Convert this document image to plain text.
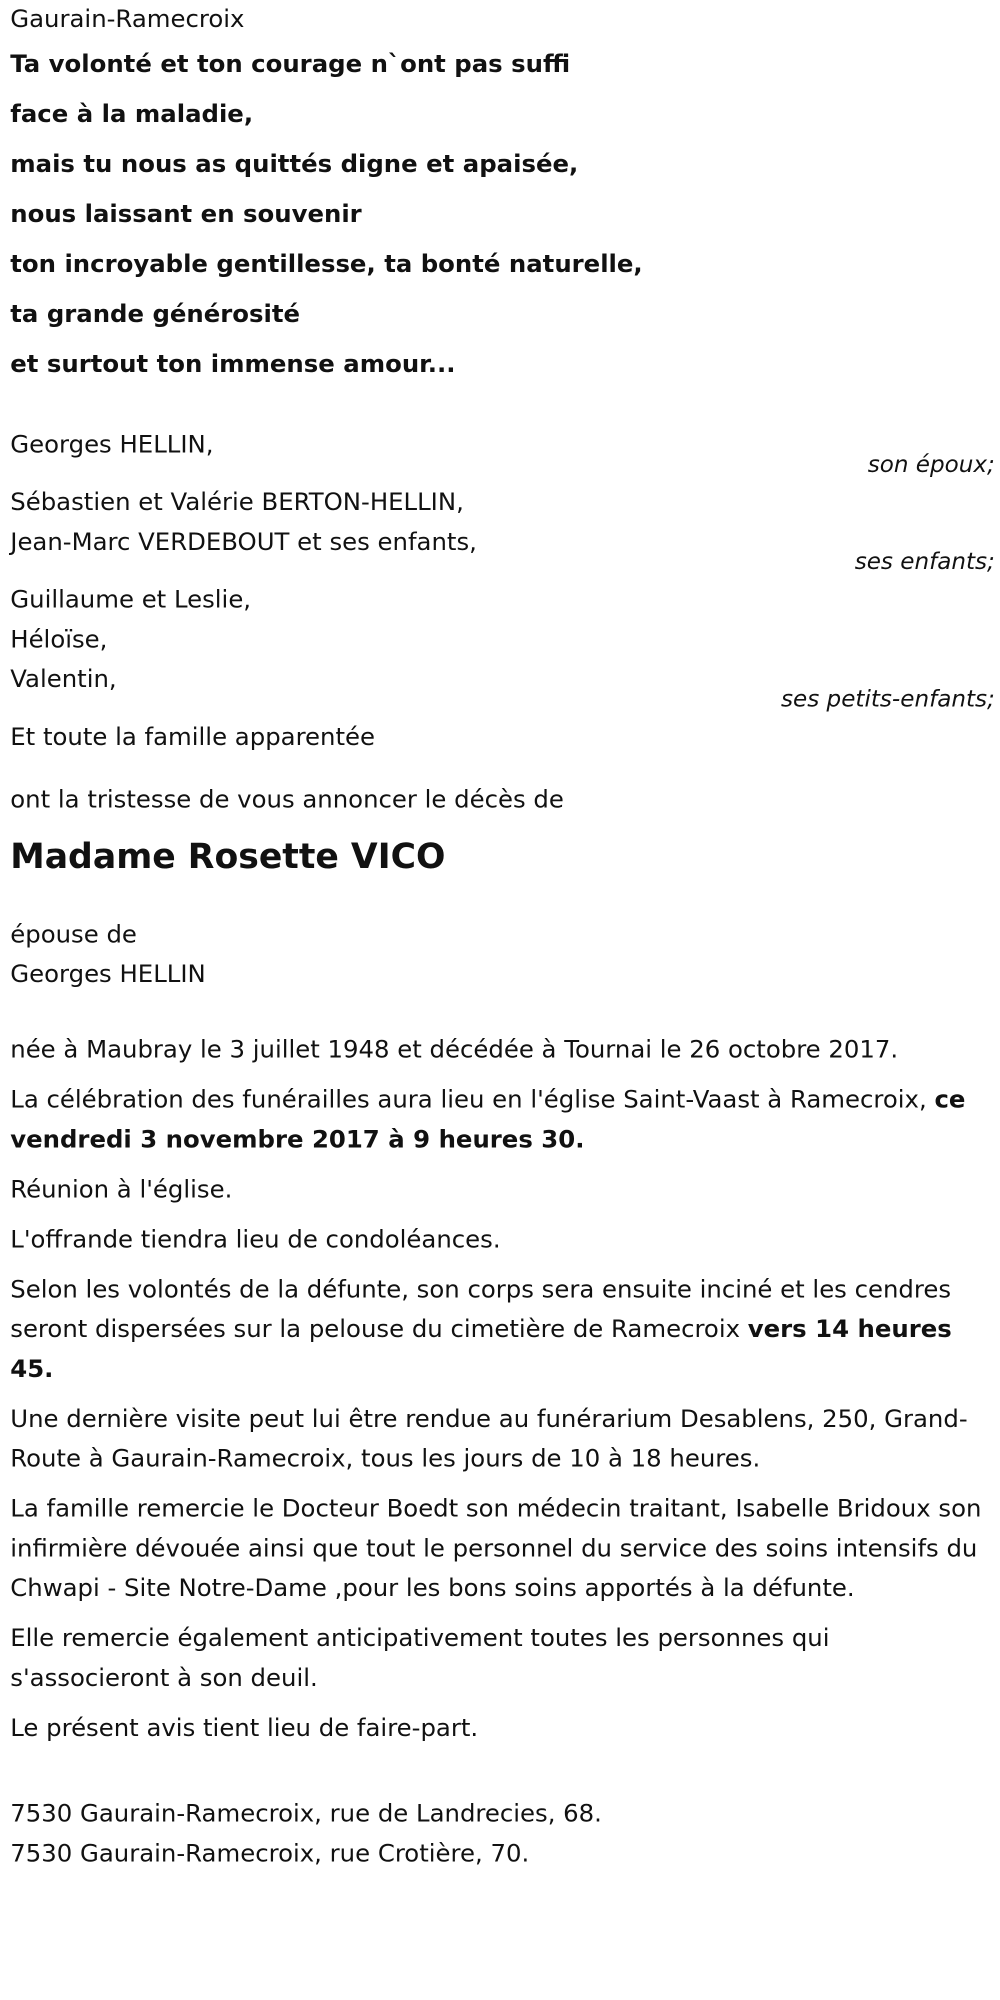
Gaurain-Ramecroix
Ta volonté et ton courage n`ont pas suffi
face à la maladie,
mais tu nous as quittés digne et apaisée,
nous laissant en souvenir
ton incroyable gentillesse, ta bonté naturelle,
ta grande générosité
et surtout ton immense amour...
Georges HELLIN,
son époux;
Sébastien et Valérie BERTON-HELLIN,
Jean-Marc VERDEBOUT et ses enfants,
ses enfants;
Guillaume et Leslie,
Héloïse,
Valentin,
ses petits-enfants;
Et toute la famille apparentée
ont la tristesse de vous annoncer le décès de
Madame Rosette VICO
épouse de
Georges HELLIN

née à Maubray le 3 juillet 1948 et décédée à Tournai le 26 octobre 2017.

La célébration des funérailles aura lieu en l'église Saint-Vaast à Ramecroix, ce vendredi 3 novembre 2017 à 9 heures 30.

Réunion à l'église.

L'offrande tiendra lieu de condoléances.

Selon les volontés de la défunte, son corps sera ensuite inciné et les cendres seront dispersées sur la pelouse du cimetière de Ramecroix vers 14 heures 45.

Une dernière visite peut lui être rendue au funérarium Desablens, 250, Grand-Route à Gaurain-Ramecroix, tous les jours de 10 à 18 heures.

La famille remercie le Docteur Boedt son médecin traitant, Isabelle Bridoux son infirmière dévouée ainsi que tout le personnel du service des soins intensifs du Chwapi - Site Notre-Dame ,pour les bons soins apportés à la défunte.

Elle remercie également anticipativement toutes les personnes qui s'associeront à son deuil.

Le présent avis tient lieu de faire-part.

7530 Gaurain-Ramecroix, rue de Landrecies, 68.
7530 Gaurain-Ramecroix, rue Crotière, 70.
